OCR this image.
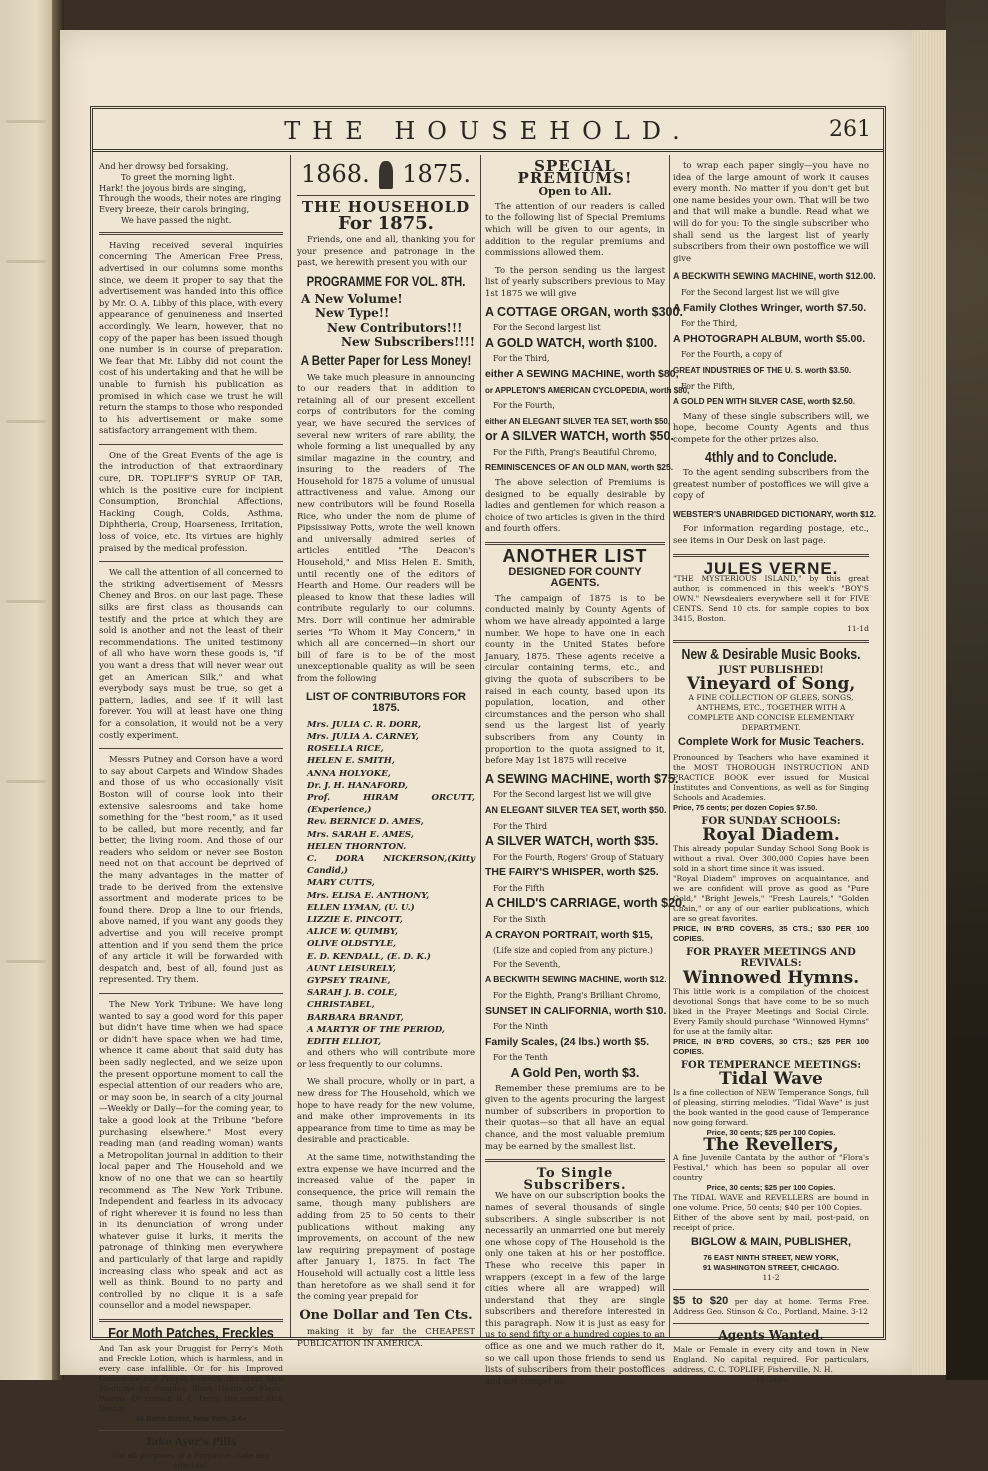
THE HOUSEHOLD.	261
And her drowsy bed forsaking,
To greet the morning light.
Hark! the joyous birds are singing,
Through the woods, their notes are ringing
Every breeze, their carols bringing,
We have passed the night.

Having received several inquiries concerning The American Free Press, advertised in our columns some months since, we deem it proper to say that the advertisement was handed into this office by Mr. O. A. Libby of this place, with every appearance of genuineness and inserted accordingly. We learn, however, that no copy of the paper has been issued though one number is in course of preparation. We fear that Mr. Libby did not count the cost of his undertaking and that he will be unable to furnish his publication as promised in which case we trust he will return the stamps to those who responded to his advertisement or make some satisfactory arrangement with them.

One of the Great Events of the age is the introduction of that extraordinary cure, DR. TOPLIFF'S SYRUP OF TAR, which is the positive cure for incipient Consumption, Bronchial Affections, Hacking Cough, Colds, Asthma, Diphtheria, Croup, Hoarseness, Irritation, loss of voice, etc. Its virtues are highly praised by the medical profession.

We call the attention of all concerned to the striking advertisement of Messrs Cheney and Bros. on our last page. These silks are first class as thousands can testify and the price at which they are sold is another and not the least of their recommendations. The united testimony of all who have worn these goods is, "if you want a dress that will never wear out get an American Silk," and what everybody says must be true, so get a pattern, ladies, and see if it will last forever. You will at least have one thing for a consolation, it would not be a very costly experiment.

Messrs Putney and Corson have a word to say about Carpets and Window Shades and those of us who occasionally visit Boston will of course look into their extensive salesrooms and take home something for the "best room," as it used to be called, but more recently, and far better, the living room. And those of our readers who seldom or never see Boston need not on that account be deprived of the many advantages in the matter of trade to be derived from the extensive assortment and moderate prices to be found there. Drop a line to our friends, above named, if you want any goods they advertise and you will receive prompt attention and if you send them the price of any article it will be forwarded with despatch and, best of all, found just as represented. Try them.

The New York Tribune: We have long wanted to say a good word for this paper but didn't have time when we had space or didn't have space when we had time, whence it came about that said duty has been sadly neglected, and we seize upon the present opportune moment to call the especial attention of our readers who are, or may soon be, in search of a city journal—Weekly or Daily—for the coming year, to take a good look at the Tribune "before purchasing elsewhere." Most every reading man (and reading woman) wants a Metropolitan journal in addition to their local paper and The Household and we know of no one that we can so heartily recommend as The New York Tribune. Independent and fearless in its advocacy of right wherever it is found no less than in its denunciation of wrong under whatever guise it lurks, it merits the patronage of thinking men everywhere and particularly of that large and rapidly increasing class who speak and act as well as think. Bound to no party and controlled by no clique it is a safe counsellor and a model newspaper.

For Moth Patches, Freckles
And Tan ask your Druggist for Perry's Moth and Freckle Lotion, which is harmless, and in every case infallible. Or for his Improved Comedone and Pimple Remedy, the great Skin Medicine for Pimples, Black Heads or Flesh-Worms. Or consult B. C. Perry, the noted Skin Doctor,
49 Bond Street, New York. 3-6e
Take Ayer's Pills
For all purposes of a Purgative. Safe and effectual.
1868. 1875.
THE HOUSEHOLD
For 1875.

Friends, one and all, thanking you for your presence and patronage in the past, we herewith present you with our

PROGRAMME FOR VOL. 8TH.
A New Volume!
New Type!!
New Contributors!!!
New Subscribers!!!!
A Better Paper for Less Money!

We take much pleasure in announcing to our readers that in addition to retaining all of our present excellent corps of contributors for the coming year, we have secured the services of several new writers of rare ability, the whole forming a list unequalled by any similar magazine in the country, and insuring to the readers of The Household for 1875 a volume of unusual attractiveness and value. Among our new contributors will be found Rosella Rice, who under the nom de plume of Pipsissiway Potts, wrote the well known and universally admired series of articles entitled "The Deacon's Household," and Miss Helen E. Smith, until recently one of the editors of Hearth and Home. Our readers will be pleased to know that these ladies will contribute regularly to our columns. Mrs. Dorr will continue her admirable series "To Whom it May Concern," in which all are concerned—in short our bill of fare is to be of the most unexceptionable quality as will be seen from the following

LIST OF CONTRIBUTORS FOR 1875.
Mrs. JULIA C. R. DORR,
Mrs. JULIA A. CARNEY,
ROSELLA RICE,
HELEN E. SMITH,
ANNA HOLYOKE,
Dr. J. H. HANAFORD,
Prof. HIRAM ORCUTT, (Experience,)
Rev. BERNICE D. AMES,
Mrs. SARAH E. AMES,
HELEN THORNTON.
C. DORA NICKERSON,(Kitty Candid,)
MARY CUTTS,
Mrs. ELISA E. ANTHONY,
ELLEN LYMAN, (U. U.)
LIZZIE E. PINCOTT,
ALICE W. QUIMBY,
OLIVE OLDSTYLE,
E. D. KENDALL, (E. D. K.)
AUNT LEISURELY,
GYPSEY TRAINE,
SARAH J. B. COLE,
CHRISTABEL,
BARBARA BRANDT,
A MARTYR OF THE PERIOD,
EDITH ELLIOT,

and others who will contribute more or less frequently to our columns.

We shall procure, wholly or in part, a new dress for The Household, which we hope to have ready for the new volume, and make other improvements in its appearance from time to time as may be desirable and practicable.

At the same time, notwithstanding the extra expense we have incurred and the increased value of the paper in consequence, the price will remain the same, though many publishers are adding from 25 to 50 cents to their publications without making any improvements, on account of the new law requiring prepayment of postage after January 1, 1875. In fact The Household will actually cost a little less than heretofore as we shall send it for the coming year prepaid for

One Dollar and Ten Cts.

making it by far the CHEAPEST PUBLICATION IN AMERICA.

SPECIAL PREMIUMS!
Open to All.

The attention of our readers is called to the following list of Special Premiums which will be given to our agents, in addition to the regular premiums and commissions allowed them.

To the person sending us the largest list of yearly subscribers previous to May 1st 1875 we will give

A COTTAGE ORGAN, worth $300.
For the Second largest list
A GOLD WATCH, worth $100.
For the Third,
either A SEWING MACHINE, worth $80,
or APPLETON'S AMERICAN CYCLOPEDIA, worth $80,
For the Fourth,
either AN ELEGANT SILVER TEA SET, worth $50,
or A SILVER WATCH, worth $50.
For the Fifth, Prang's Beautiful Chromo,
REMINISCENCES OF AN OLD MAN, worth $25.

The above selection of Premiums is designed to be equally desirable by ladies and gentlemen for which reason a choice of two articles is given in the third and fourth offers.

ANOTHER LIST
DESIGNED FOR COUNTY AGENTS.

The campaign of 1875 is to be conducted mainly by County Agents of whom we have already appointed a large number. We hope to have one in each county in the United States before January, 1875. These agents receive a circular containing terms, etc., and giving the quota of subscribers to be raised in each county, based upon its population, location, and other circumstances and the person who shall send us the largest list of yearly subscribers from any County in proportion to the quota assigned to it, before May 1st 1875 will receive

A SEWING MACHINE, worth $75.
For the Second largest list we will give
AN ELEGANT SILVER TEA SET, worth $50.
For the Third
A SILVER WATCH, worth $35.
For the Fourth, Rogers' Group of Statuary
THE FAIRY'S WHISPER, worth $25.
For the Fifth
A CHILD'S CARRIAGE, worth $20.
For the Sixth
A CRAYON PORTRAIT, worth $15,
(Life size and copied from any picture.)
For the Seventh,
A BECKWITH SEWING MACHINE, worth $12.
For the Eighth, Prang's Brilliant Chromo,
SUNSET IN CALIFORNIA, worth $10.
For the Ninth
Family Scales, (24 lbs.) worth $5.
For the Tenth
A Gold Pen, worth $3.

Remember these premiums are to be given to the agents procuring the largest number of subscribers in proportion to their quotas—so that all have an equal chance, and the most valuable premium may be earned by the smallest list.

To Single Subscribers.

We have on our subscription books the names of several thousands of single subscribers. A single subscriber is not necessarily an unmarried one but merely one whose copy of The Household is the only one taken at his or her postoffice. These who receive this paper in wrappers (except in a few of the large cities where all are wrapped) will understand that they are single subscribers and therefore interested in this paragraph. Now it is just as easy for us to send fifty or a hundred copies to an office as one and we much rather do it, so we call upon those friends to send us lists of subscribers from their postoffices and not compel us

to wrap each paper singly—you have no idea of the large amount of work it causes every month. No matter if you don't get but one name besides your own. That will be two and that will make a bundle. Read what we will do for you: To the single subscriber who shall send us the largest list of yearly subscribers from their own postoffice we will give

A BECKWITH SEWING MACHINE, worth $12.00.
For the Second largest list we will give
A Family Clothes Wringer, worth $7.50.
For the Third,
A PHOTOGRAPH ALBUM, worth $5.00.
For the Fourth, a copy of
GREAT INDUSTRIES OF THE U. S. worth $3.50.
For the Fifth,
A GOLD PEN WITH SILVER CASE, worth $2.50.

Many of these single subscribers will, we hope, become County Agents and thus compete for the other prizes also.

4thly and to Conclude.

To the agent sending subscribers from the greatest number of postoffices we will give a copy of

WEBSTER'S UNABRIDGED DICTIONARY, worth $12.

For information regarding postage, etc., see items in Our Desk on last page.

JULES VERNE.
"THE MYSTERIOUS ISLAND," by this great author, is commenced in this week's "BOY'S OWN." Newsdealers everywhere sell it for FIVE CENTS. Send 10 cts. for sample copies to box 3415, Boston.
11-1d
New & Desirable Music Books.
JUST PUBLISHED!
Vineyard of Song,
A FINE COLLECTION OF GLEES, SONGS, ANTHEMS, ETC., TOGETHER WITH A COMPLETE AND CONCISE ELEMENTARY DEPARTMENT.
Complete Work for Music Teachers.
Pronounced by Teachers who have examined it the MOST THOROUGH INSTRUCTION AND PRACTICE BOOK ever issued for Musical Institutes and Conventions, as well as for Singing Schools and Academies.
Price, 75 cents; per dozen Copies $7.50.
FOR SUNDAY SCHOOLS:
Royal Diadem.
This already popular Sunday School Song Book is without a rival. Over 300,000 Copies have been sold in a short time since it was issued.
"Royal Diadem" improves on acquaintance, and we are confident will prove as good as "Pure Gold," "Bright Jewels," "Fresh Laurels," "Golden Chain," or any of our earlier publications, which are so great favorites.
PRICE, IN B'RD COVERS, 35 CTS.; $30 PER 100 COPIES.
FOR PRAYER MEETINGS AND REVIVALS:
Winnowed Hymns.
This little work is a compilation of the choicest devotional Songs that have come to be so much liked in the Prayer Meetings and Social Circle. Every Family should purchase "Winnowed Hymns" for use at the family altar.
PRICE, IN B'RD COVERS, 30 CTS.; $25 PER 100 COPIES.
FOR TEMPERANCE MEETINGS:
Tidal Wave
Is a fine collection of NEW Temperance Songs, full of pleasing, stirring melodies. "Tidal Wave" is just the book wanted in the good cause of Temperance now going forward.
Price, 30 cents; $25 per 100 Copies.
The Revellers,
A fine Juvenile Cantata by the author of "Flora's Festival," which has been so popular all over country
Price, 30 cents; $25 per 100 Copies.
The TIDAL WAVE and REVELLERS are bound in one volume. Price, 50 cents; $40 per 100 Copies.
Either of the above sent by mail, post-paid, on receipt of price.
BIGLOW & MAIN, PUBLISHER,
76 EAST NINTH STREET, NEW YORK,
91 WASHINGTON STREET, CHICAGO.
11-2
$5 to $20 per day at home. Terms Free. Address Geo. Stinson & Co., Portland, Maine. 3-12
Agents Wanted.
Male or Female in every city and town in New England. No capital required. For particulars, address, C. C. TOPLIFF, Fisherville, N. H.
11-3adv
